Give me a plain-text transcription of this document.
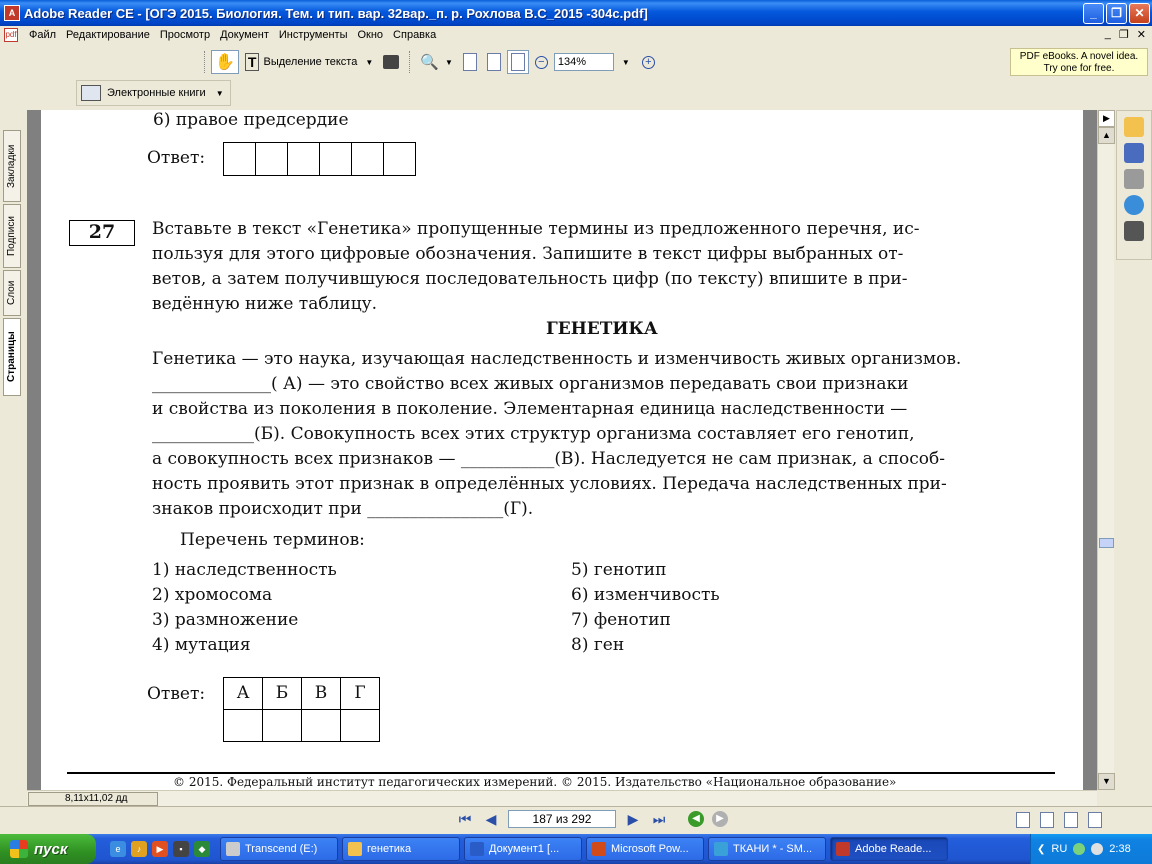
A Adobe Reader CE - [ОГЭ 2015. Биология. Тем. и тип. вар. 32вар._п. р. Рохлова В.С_2015 -304с.pdf]	_	❐	✕
pdf	Файл Редактирование Просмотр Документ Инструменты Окно Справка	_ ❐ ✕
✋ T Выделение текста ▼	🔍 ▼	−	134%	▼ +	PDF eBooks. A novel idea.
Try one for free.
Электронные книги ▼
Закладки
Подписи
Слои
Страницы
6) правое предсердие
Ответ:
27	Вставьте в текст «Генетика» пропущенные термины из предложенного перечня, ис-
пользуя для этого цифровые обозначения. Запишите в текст цифры выбранных от-
ветов, а затем получившуюся последовательность цифр (по тексту) впишите в при-
ведённую ниже таблицу.
ГЕНЕТИКА
Генетика — это наука, изучающая наследственность и изменчивость живых организмов.
______________( А) — это свойство всех живых организмов передавать свои признаки
и свойства из поколения в поколение. Элементарная единица наследственности —
____________(Б). Совокупность всех этих структур организма составляет его генотип,
а совокупность всех признаков — ___________(В). Наследуется не сам признак, а способ-
ность проявить этот признак в определённых условиях. Передача наследственных при-
знаков происходит при ________________(Г).
Перечень терминов:
1) наследственность
2) хромосома
3) размножение
4) мутация
5) генотип
6) изменчивость
7) фенотип
8) ген
Ответ: А	Б	В	Г

© 2015. Федеральный институт педагогических измерений. © 2015. Издательство «Национальное образование»
▶
▲
▼
8,11x11,02 дд
⏮ ◀	187 из 292	▶ ⏭	◀	▶
пуск	e	♪	▶	▪	◆	Transcend (E:)	генетика	Документ1 [...	Microsoft Pow...	ТКАНИ * - SM...	Adobe Reade...	❮ RU	2:38
